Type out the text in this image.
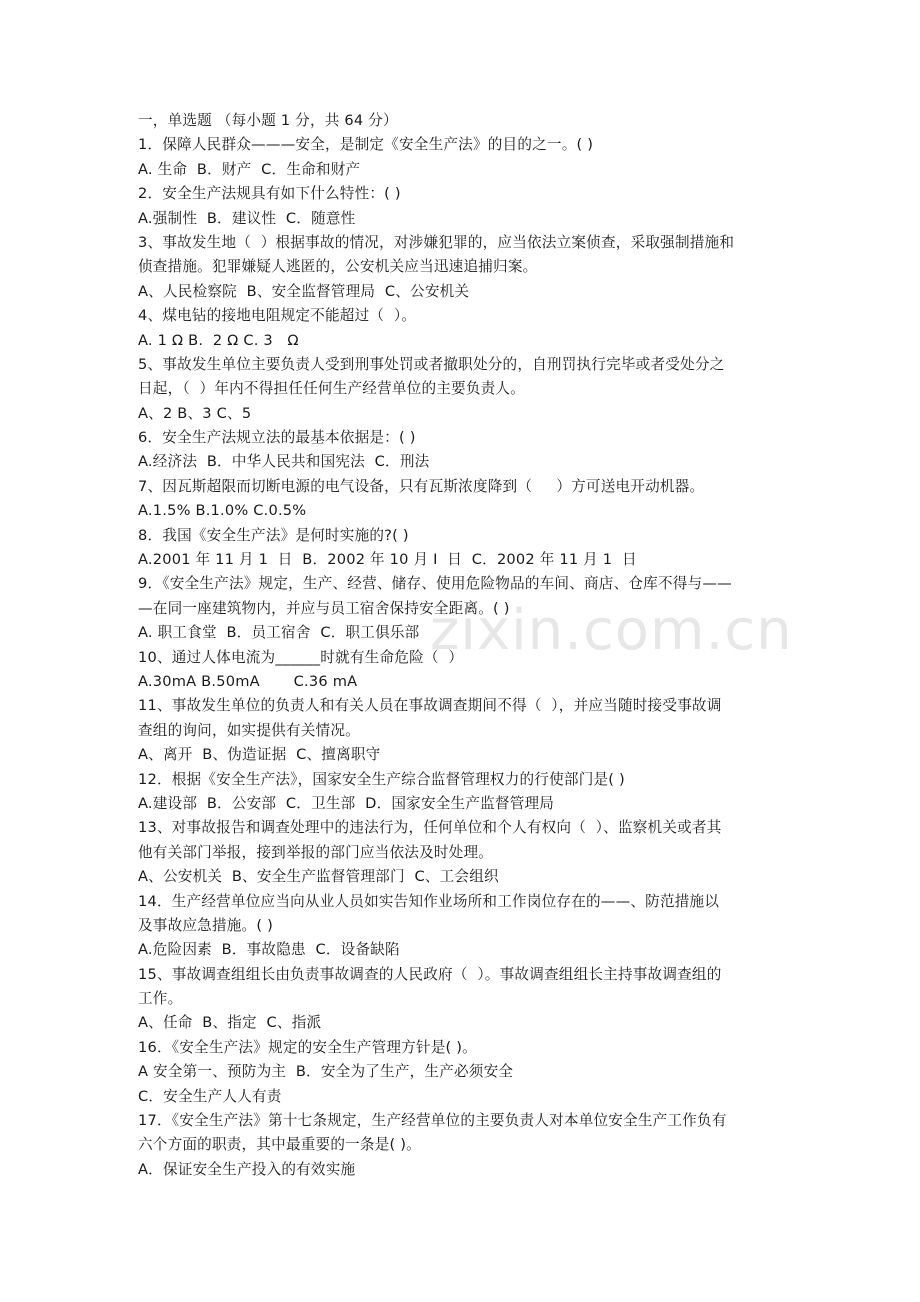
zixin.com.cn
一，单选题 （每小题 1 分，共 64 分）
1．保障人民群众———安全，是制定《安全生产法》的目的之一。( )
A. 生命  B．财产  C．生命和财产
2．安全生产法规具有如下什么特性：( )
A.强制性  B．建议性  C．随意性
3、事故发生地（  ）根据事故的情况，对涉嫌犯罪的，应当依法立案侦查，采取强制措施和
侦查措施。犯罪嫌疑人逃匿的，公安机关应当迅速追捕归案。
A、人民检察院  B、安全监督管理局  C、公安机关
4、煤电钻的接地电阻规定不能超过（  ）。
A. 1 Ω B.  2 Ω C. 3   Ω
5、事故发生单位主要负责人受到刑事处罚或者撤职处分的，自刑罚执行完毕或者受处分之
日起，（  ）年内不得担任任何生产经营单位的主要负责人。
A、2 B、3 C、5
6．安全生产法规立法的最基本依据是：( )
A.经济法  B．中华人民共和国宪法  C．刑法
7、因瓦斯超限而切断电源的电气设备，只有瓦斯浓度降到（     ）方可送电开动机器。
A.1.5% B.1.0% C.0.5%
8．我国《安全生产法》是何时实施的?( )
A.2001 年 11 月 1  日  B．2002 年 10 月 I  日  C．2002 年 11 月 1  日
9．《安全生产法》规定，生产、经营、储存、使用危险物品的车间、商店、仓库不得与——
—在同一座建筑物内，并应与员工宿舍保持安全距离。( )
A. 职工食堂  B．员工宿舍  C．职工俱乐部
10、通过人体电流为______时就有生命危险（  ）
A.30mA B.50mA       C.36 mA
11、事故发生单位的负责人和有关人员在事故调查期间不得（  ），并应当随时接受事故调
查组的询问，如实提供有关情况。
A、离开  B、伪造证据  C、擅离职守
12．根据《安全生产法》，国家安全生产综合监督管理权力的行使部门是( )
A.建设部  B．公安部  C．卫生部  D．国家安全生产监督管理局
13、对事故报告和调查处理中的违法行为，任何单位和个人有权向（  ）、监察机关或者其
他有关部门举报，接到举报的部门应当依法及时处理。
A、公安机关  B、安全生产监督管理部门  C、工会组织
14．生产经营单位应当向从业人员如实告知作业场所和工作岗位存在的——、防范措施以
及事故应急措施。( )
A.危险因素  B．事故隐患  C．设备缺陷
15、事故调查组组长由负责事故调查的人民政府（  ）。事故调查组组长主持事故调查组的
工作。
A、任命  B、指定  C、指派
16．《安全生产法》规定的安全生产管理方针是( )。
A 安全第一、预防为主  B．安全为了生产，生产必须安全
C．安全生产人人有责
17．《安全生产法》第十七条规定，生产经营单位的主要负责人对本单位安全生产工作负有
六个方面的职责，其中最重要的一条是( )。
A．保证安全生产投入的有效实施
